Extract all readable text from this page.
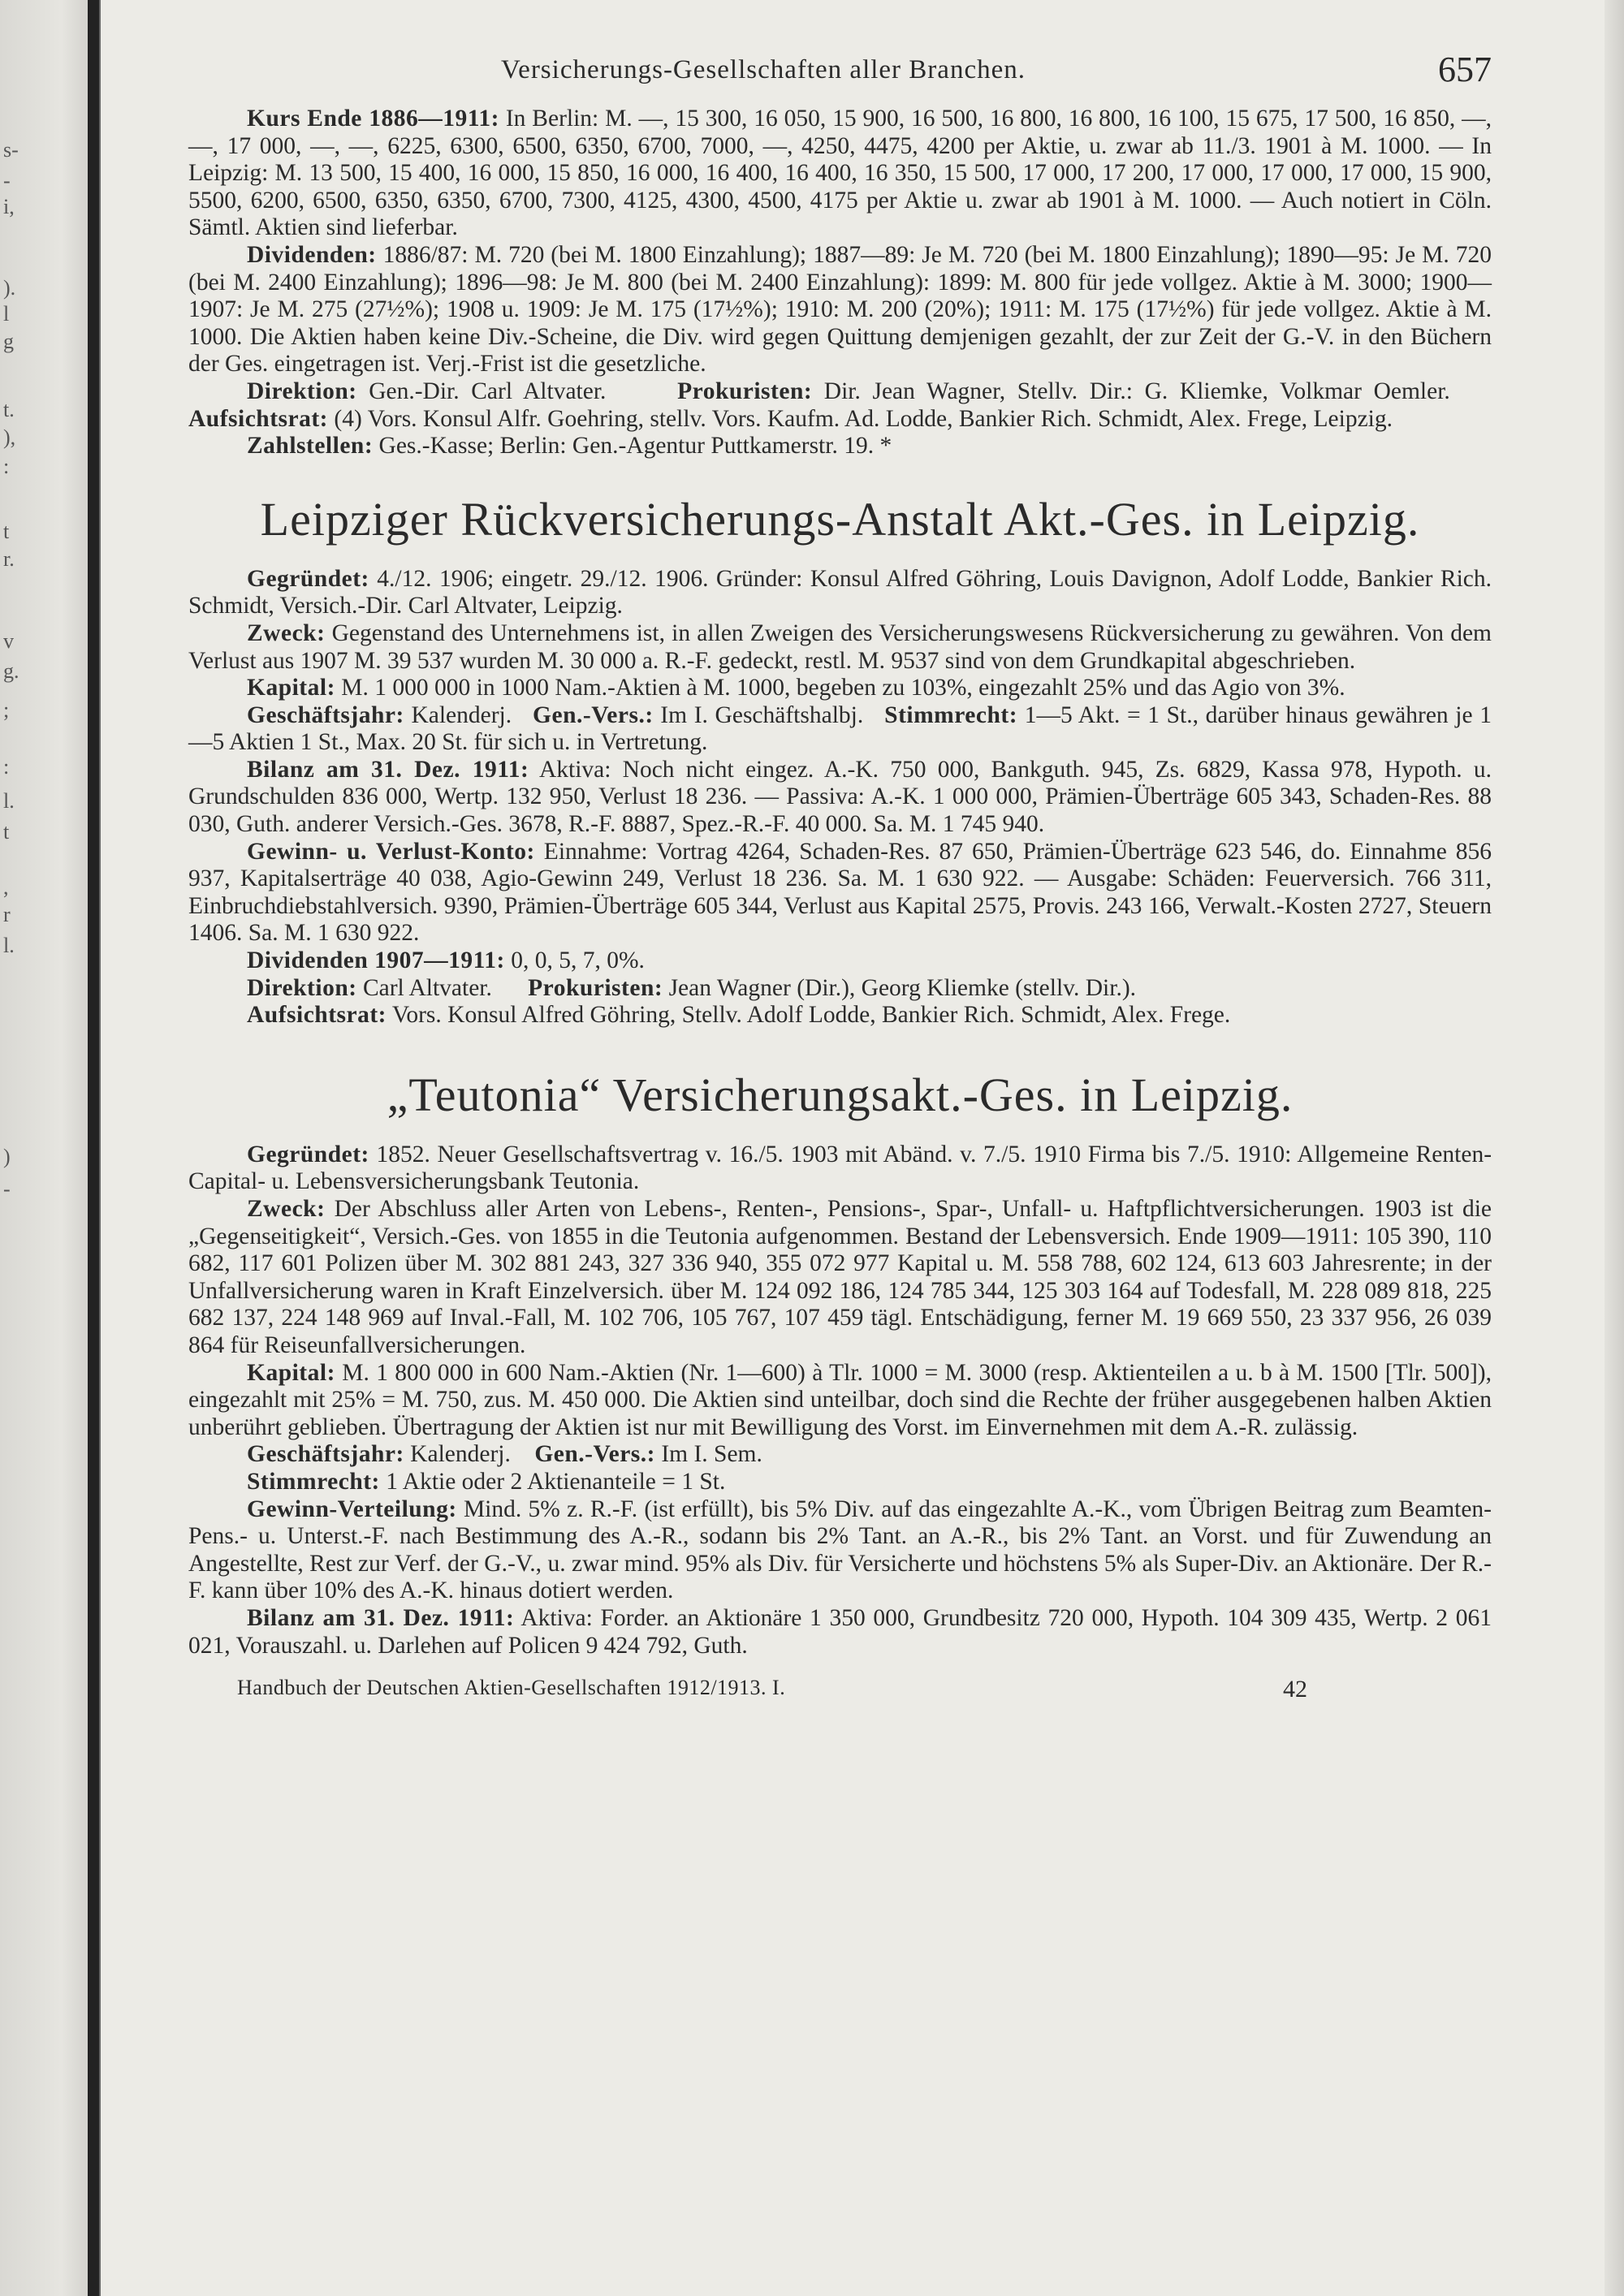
s-
-
i,
).
l
g
t.
),
:
t
r.
v
g.
;
:
l.
t
,
r
l.
)
-
Versicherungs-Gesellschaften aller Branchen.	657

Kurs Ende 1886—1911: In Berlin: M. —, 15 300, 16 050, 15 900, 16 500, 16 800, 16 800, 16 100, 15 675, 17 500, 16 850, —, —, 17 000, —, —, 6225, 6300, 6500, 6350, 6700, 7000, —, 4250, 4475, 4200 per Aktie, u. zwar ab 11./3. 1901 à M. 1000. — In Leipzig: M. 13 500, 15 400, 16 000, 15 850, 16 000, 16 400, 16 400, 16 350, 15 500, 17 000, 17 200, 17 000, 17 000, 17 000, 15 900, 5500, 6200, 6500, 6350, 6350, 6700, 7300, 4125, 4300, 4500, 4175 per Aktie u. zwar ab 1901 à M. 1000. — Auch notiert in Cöln. Sämtl. Aktien sind lieferbar.

Dividenden: 1886/87: M. 720 (bei M. 1800 Einzahlung); 1887—89: Je M. 720 (bei M. 1800 Einzahlung); 1890—95: Je M. 720 (bei M. 2400 Einzahlung); 1896—98: Je M. 800 (bei M. 2400 Einzahlung): 1899: M. 800 für jede vollgez. Aktie à M. 3000; 1900—1907: Je M. 275 (27½%); 1908 u. 1909: Je M. 175 (17½%); 1910: M. 200 (20%); 1911: M. 175 (17½%) für jede vollgez. Aktie à M. 1000. Die Aktien haben keine Div.-Scheine, die Div. wird gegen Quittung demjenigen gezahlt, der zur Zeit der G.-V. in den Büchern der Ges. eingetragen ist. Verj.-Frist ist die gesetzliche.

Direktion: Gen.-Dir. Carl Altvater.	Prokuristen: Dir. Jean Wagner, Stellv. Dir.: G. Kliemke, Volkmar Oemler.     Aufsichtsrat: (4) Vors. Konsul Alfr. Goehring, stellv. Vors. Kaufm. Ad. Lodde, Bankier Rich. Schmidt, Alex. Frege, Leipzig.

Zahlstellen: Ges.-Kasse; Berlin: Gen.-Agentur Puttkamerstr. 19. *

Leipziger Rückversicherungs-Anstalt Akt.-Ges. in Leipzig.

Gegründet: 4./12. 1906; eingetr. 29./12. 1906. Gründer: Konsul Alfred Göhring, Louis Davignon, Adolf Lodde, Bankier Rich. Schmidt, Versich.-Dir. Carl Altvater, Leipzig.

Zweck: Gegenstand des Unternehmens ist, in allen Zweigen des Versicherungswesens Rückversicherung zu gewähren. Von dem Verlust aus 1907 M. 39 537 wurden M. 30 000 a. R.-F. gedeckt, restl. M. 9537 sind von dem Grundkapital abgeschrieben.

Kapital: M. 1 000 000 in 1000 Nam.-Aktien à M. 1000, begeben zu 103%, eingezahlt 25% und das Agio von 3%.

Geschäftsjahr: Kalenderj. Gen.-Vers.: Im I. Geschäftshalbj. Stimmrecht: 1—5 Akt. = 1 St., darüber hinaus gewähren je 1—5 Aktien 1 St., Max. 20 St. für sich u. in Vertretung.

Bilanz am 31. Dez. 1911: Aktiva: Noch nicht eingez. A.-K. 750 000, Bankguth. 945, Zs. 6829, Kassa 978, Hypoth. u. Grundschulden 836 000, Wertp. 132 950, Verlust 18 236. — Passiva: A.-K. 1 000 000, Prämien-Überträge 605 343, Schaden-Res. 88 030, Guth. anderer Versich.-Ges. 3678, R.-F. 8887, Spez.-R.-F. 40 000. Sa. M. 1 745 940.

Gewinn- u. Verlust-Konto: Einnahme: Vortrag 4264, Schaden-Res. 87 650, Prämien-Überträge 623 546, do. Einnahme 856 937, Kapitalserträge 40 038, Agio-Gewinn 249, Verlust 18 236. Sa. M. 1 630 922. — Ausgabe: Schäden: Feuerversich. 766 311, Einbruchdiebstahlversich. 9390, Prämien-Überträge 605 344, Verlust aus Kapital 2575, Provis. 243 166, Verwalt.-Kosten 2727, Steuern 1406. Sa. M. 1 630 922.

Dividenden 1907—1911: 0, 0, 5, 7, 0%.

Direktion: Carl Altvater. Prokuristen: Jean Wagner (Dir.), Georg Kliemke (stellv. Dir.).

Aufsichtsrat: Vors. Konsul Alfred Göhring, Stellv. Adolf Lodde, Bankier Rich. Schmidt, Alex. Frege.

„Teutonia“ Versicherungsakt.-Ges. in Leipzig.

Gegründet: 1852. Neuer Gesellschaftsvertrag v. 16./5. 1903 mit Abänd. v. 7./5. 1910 Firma bis 7./5. 1910: Allgemeine Renten-Capital- u. Lebensversicherungsbank Teutonia.

Zweck: Der Abschluss aller Arten von Lebens-, Renten-, Pensions-, Spar-, Unfall- u. Haftpflichtversicherungen. 1903 ist die „Gegenseitigkeit“, Versich.-Ges. von 1855 in die Teutonia aufgenommen. Bestand der Lebensversich. Ende 1909—1911: 105 390, 110 682, 117 601 Polizen über M. 302 881 243, 327 336 940, 355 072 977 Kapital u. M. 558 788, 602 124, 613 603 Jahresrente; in der Unfallversicherung waren in Kraft Einzelversich. über M. 124 092 186, 124 785 344, 125 303 164 auf Todesfall, M. 228 089 818, 225 682 137, 224 148 969 auf Inval.-Fall, M. 102 706, 105 767, 107 459 tägl. Entschädigung, ferner M. 19 669 550, 23 337 956, 26 039 864 für Reiseunfallversicherungen.

Kapital: M. 1 800 000 in 600 Nam.-Aktien (Nr. 1—600) à Tlr. 1000 = M. 3000 (resp. Aktienteilen a u. b à M. 1500 [Tlr. 500]), eingezahlt mit 25% = M. 750, zus. M. 450 000. Die Aktien sind unteilbar, doch sind die Rechte der früher ausgegebenen halben Aktien unberührt geblieben. Übertragung der Aktien ist nur mit Bewilligung des Vorst. im Einvernehmen mit dem A.-R. zulässig.

Geschäftsjahr: Kalenderj. Gen.-Vers.: Im I. Sem.

Stimmrecht: 1 Aktie oder 2 Aktienanteile = 1 St.

Gewinn-Verteilung: Mind. 5% z. R.-F. (ist erfüllt), bis 5% Div. auf das eingezahlte A.-K., vom Übrigen Beitrag zum Beamten-Pens.- u. Unterst.-F. nach Bestimmung des A.-R., sodann bis 2% Tant. an A.-R., bis 2% Tant. an Vorst. und für Zuwendung an Angestellte, Rest zur Verf. der G.-V., u. zwar mind. 95% als Div. für Versicherte und höchstens 5% als Super-Div. an Aktionäre. Der R.-F. kann über 10% des A.-K. hinaus dotiert werden.

Bilanz am 31. Dez. 1911: Aktiva: Forder. an Aktionäre 1 350 000, Grundbesitz 720 000, Hypoth. 104 309 435, Wertp. 2 061 021, Vorauszahl. u. Darlehen auf Policen 9 424 792, Guth.

Handbuch der Deutschen Aktien-Gesellschaften 1912/1913. I.	42
